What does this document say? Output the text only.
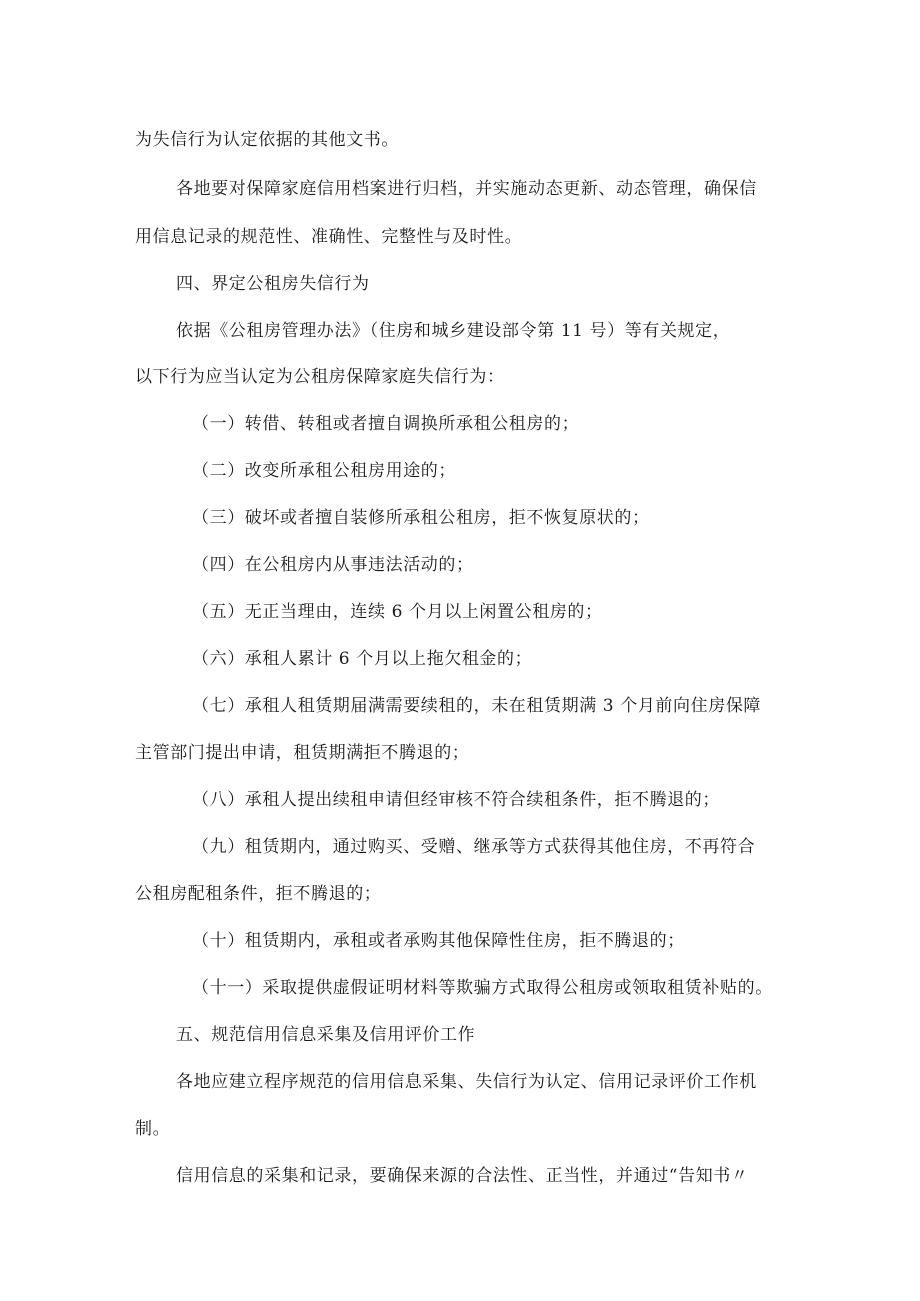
为失信行为认定依据的其他文书。
各地要对保障家庭信用档案进行归档，并实施动态更新、动态管理，确保信
用信息记录的规范性、准确性、完整性与及时性。
四、界定公租房失信行为
依据《公租房管理办法》（住房和城乡建设部令第 11 号）等有关规定，
以下行为应当认定为公租房保障家庭失信行为：
（一）转借、转租或者擅自调换所承租公租房的；
（二）改变所承租公租房用途的；
（三）破坏或者擅自装修所承租公租房，拒不恢复原状的；
（四）在公租房内从事违法活动的；
（五）无正当理由，连续 6 个月以上闲置公租房的；
（六）承租人累计 6 个月以上拖欠租金的；
（七）承租人租赁期届满需要续租的，未在租赁期满 3 个月前向住房保障
主管部门提出申请，租赁期满拒不腾退的；
（八）承租人提出续租申请但经审核不符合续租条件，拒不腾退的；
（九）租赁期内，通过购买、受赠、继承等方式获得其他住房，不再符合
公租房配租条件，拒不腾退的；
（十）租赁期内，承租或者承购其他保障性住房，拒不腾退的；
（十一）采取提供虚假证明材料等欺骗方式取得公租房或领取租赁补贴的。
五、规范信用信息采集及信用评价工作
各地应建立程序规范的信用信息采集、失信行为认定、信用记录评价工作机
制。
信用信息的采集和记录，要确保来源的合法性、正当性，并通过“告知书〃
